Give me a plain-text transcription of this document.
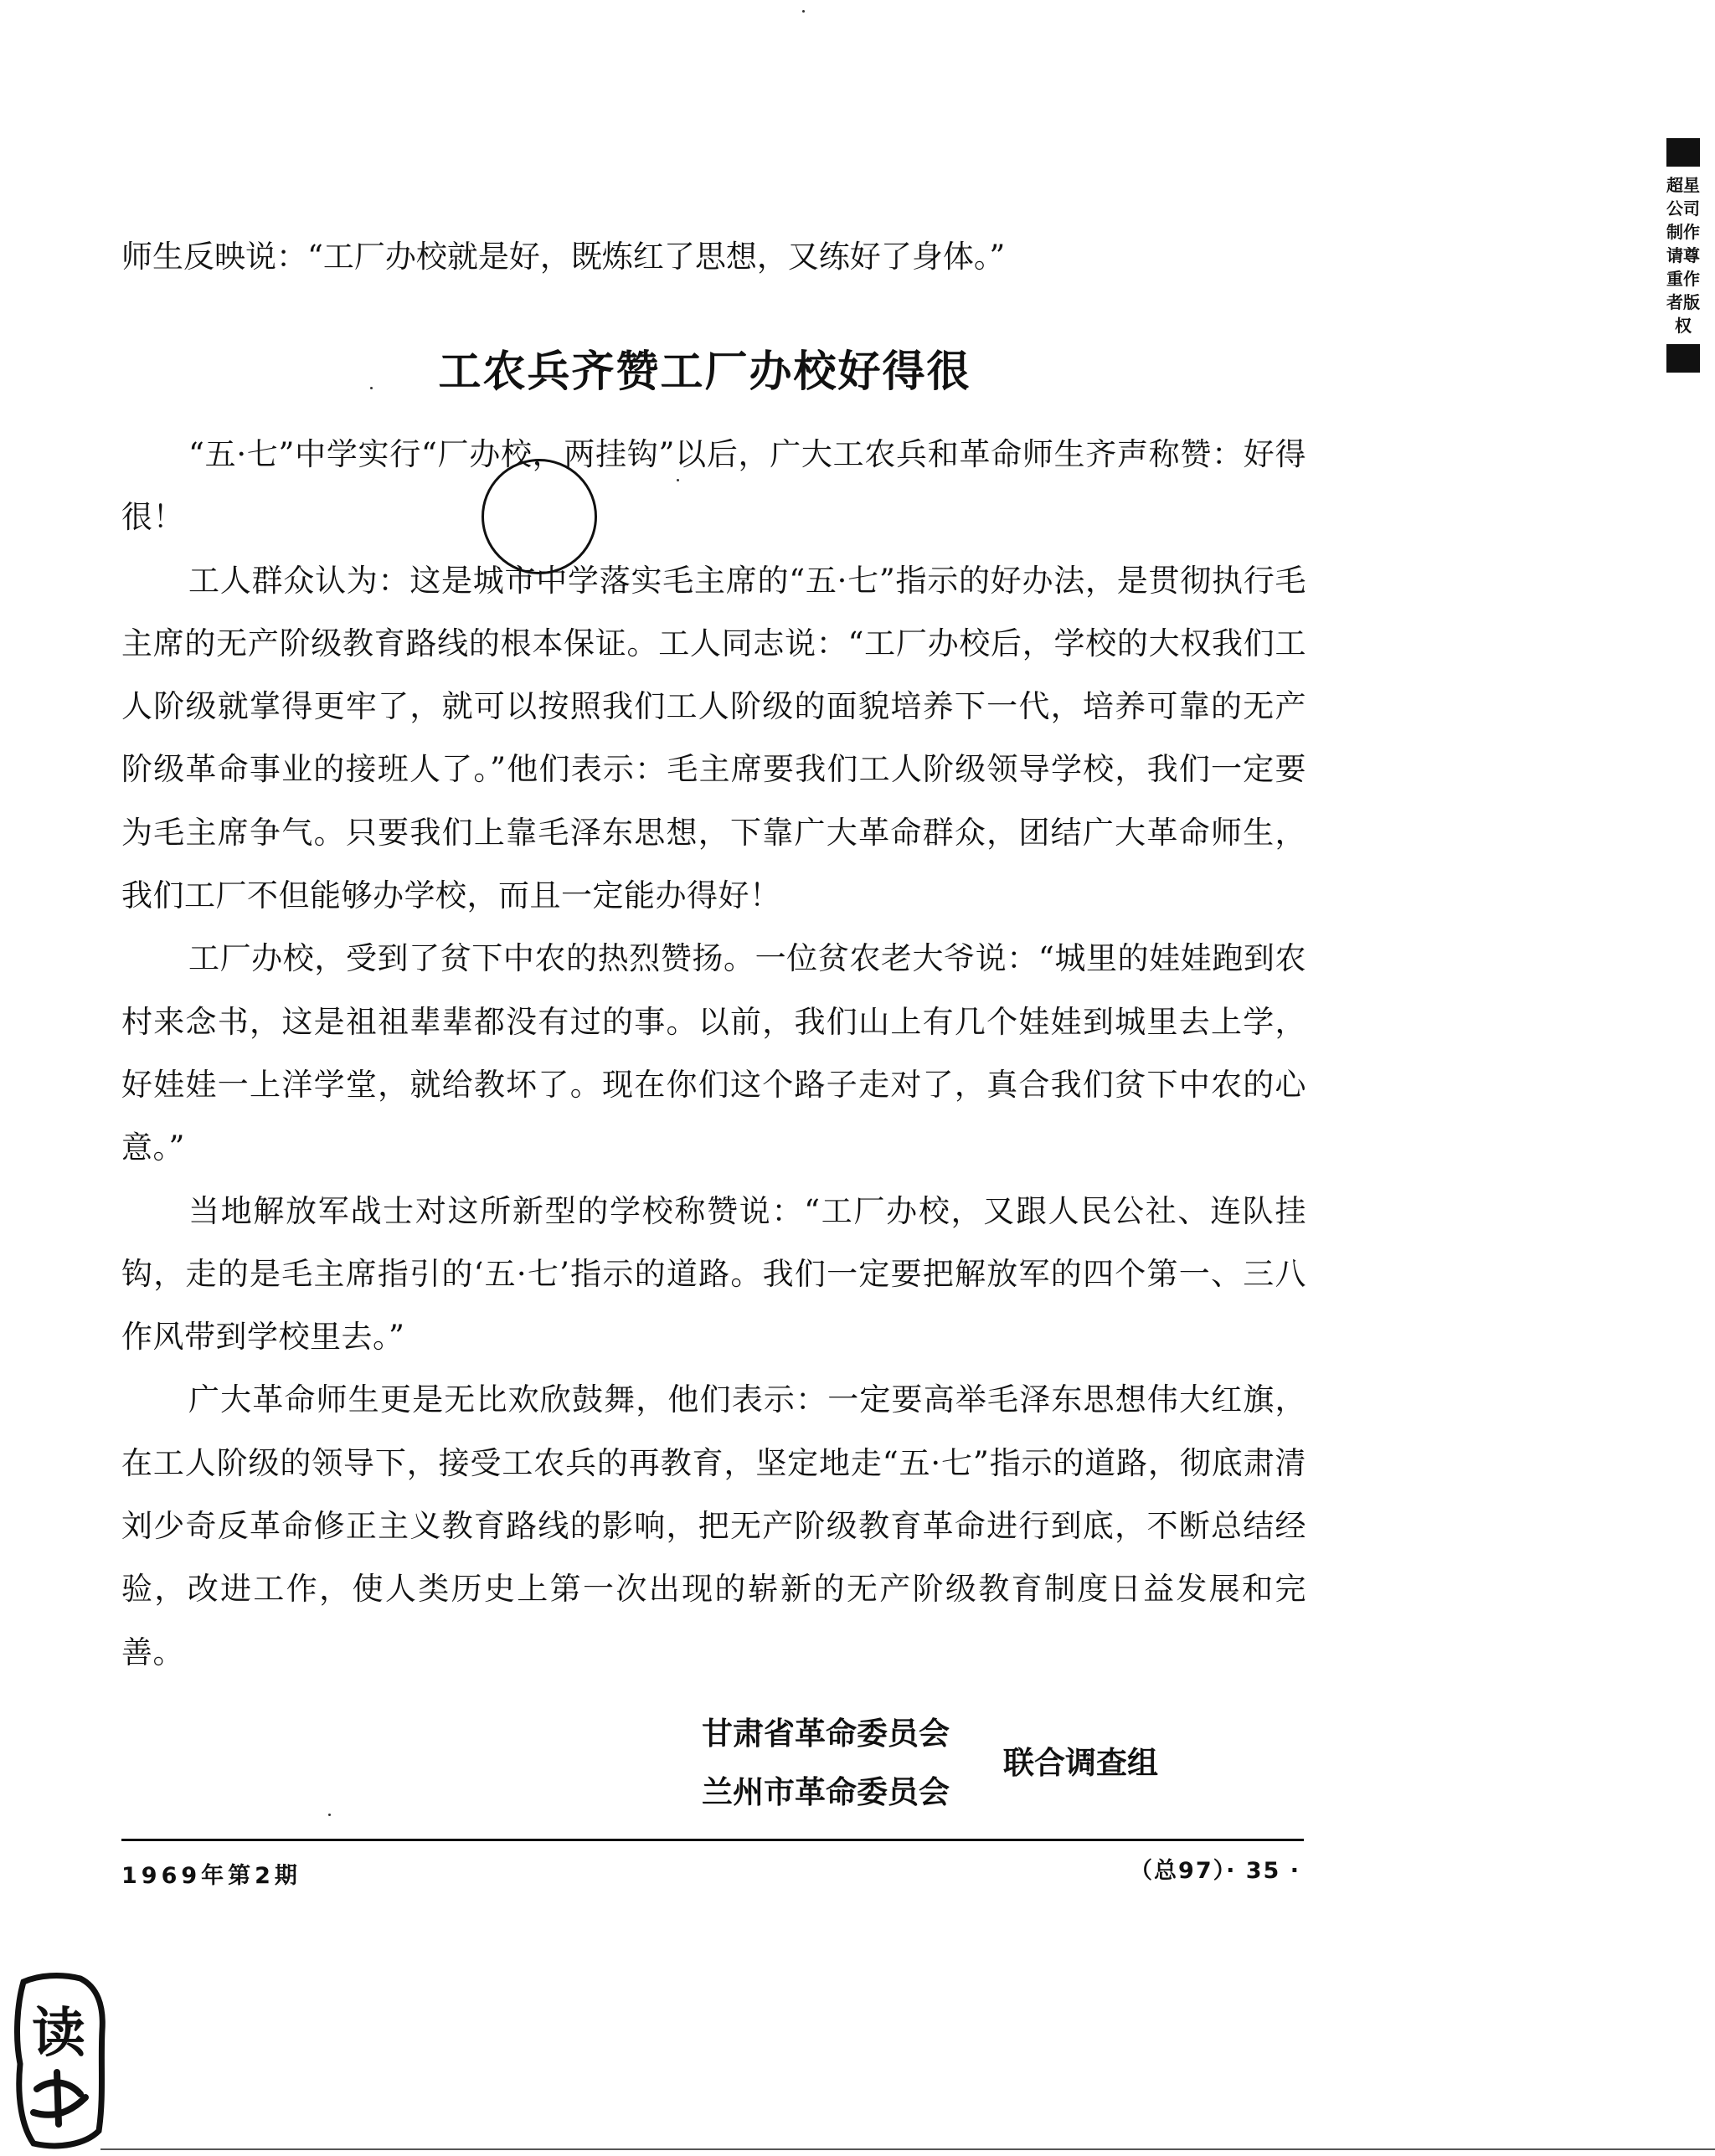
师生反映说：“工厂办校就是好，既炼红了思想，又练好了身体。”
工农兵齐赞工厂办校好得很

“五·七”中学实行“厂办校，两挂钩”以后，广大工农兵和革命师生齐声称赞：好得很！

工人群众认为：这是城市中学落实毛主席的“五·七”指示的好办法，是贯彻执行毛主席的无产阶级教育路线的根本保证。工人同志说：“工厂办校后，学校的大权我们工人阶级就掌得更牢了，就可以按照我们工人阶级的面貌培养下一代，培养可靠的无产阶级革命事业的接班人了。”他们表示：毛主席要我们工人阶级领导学校，我们一定要为毛主席争气。只要我们上靠毛泽东思想，下靠广大革命群众，团结广大革命师生，我们工厂不但能够办学校，而且一定能办得好！

工厂办校，受到了贫下中农的热烈赞扬。一位贫农老大爷说：“城里的娃娃跑到农村来念书，这是祖祖辈辈都没有过的事。以前，我们山上有几个娃娃到城里去上学，好娃娃一上洋学堂，就给教坏了。现在你们这个路子走对了，真合我们贫下中农的心意。”

当地解放军战士对这所新型的学校称赞说：“工厂办校，又跟人民公社、连队挂钩，走的是毛主席指引的‘五·七’指示的道路。我们一定要把解放军的四个第一、三八作风带到学校里去。”

广大革命师生更是无比欢欣鼓舞，他们表示：一定要高举毛泽东思想伟大红旗，在工人阶级的领导下，接受工农兵的再教育，坚定地走“五·七”指示的道路，彻底肃清刘少奇反革命修正主义教育路线的影响，把无产阶级教育革命进行到底，不断总结经验，改进工作，使人类历史上第一次出现的崭新的无产阶级教育制度日益发展和完善。

甘肃省革命委员会
兰州市革命委员会
联合调查组
1969年第2期	（总97）· 35 ·
超星公司制作请尊重作者版权
读
